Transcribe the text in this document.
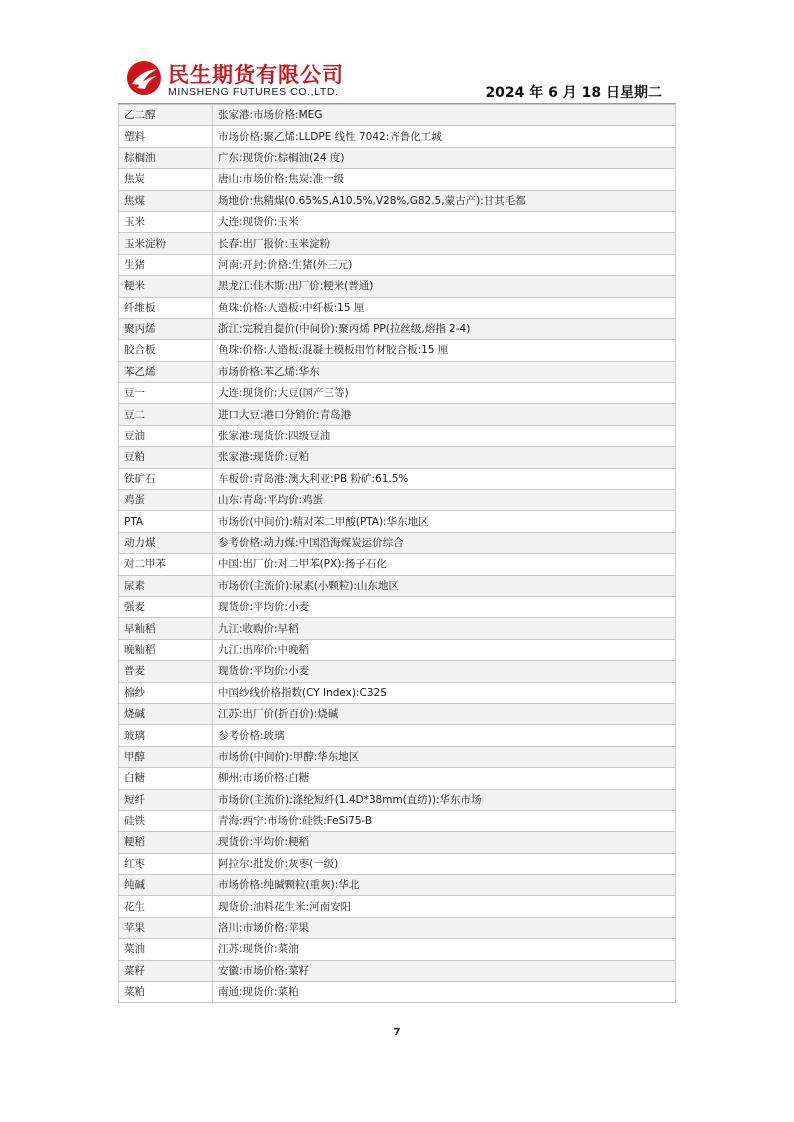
民生期货有限公司
MINSHENG FUTURES CO.,LTD.	2024 年 6 月 18 日星期二
乙二醇	张家港:市场价格:MEG
塑料	市场价格:聚乙烯:LLDPE 线性 7042:齐鲁化工城
棕榈油	广东:现货价:棕榈油(24 度)
焦炭	唐山:市场价格:焦炭:准一级
焦煤	场地价:焦精煤(0.65%S,A10.5%,V28%,G82.5,蒙古产):甘其毛都
玉米	大连:现货价:玉米
玉米淀粉	长春:出厂报价:玉米淀粉
生猪	河南:开封:价格:生猪(外三元)
粳米	黑龙江:佳木斯:出厂价:粳米(普通)
纤维板	鱼珠:价格:人造板:中纤板:15 厘
聚丙烯	浙江:完税自提价(中间价):聚丙烯 PP(拉丝级,熔指 2-4)
胶合板	鱼珠:价格:人造板:混凝土模板用竹材胶合板:15 厘
苯乙烯	市场价格:苯乙烯:华东
豆一	大连:现货价:大豆(国产三等)
豆二	进口大豆:港口分销价:青岛港
豆油	张家港:现货价:四级豆油
豆粕	张家港:现货价:豆粕
铁矿石	车板价:青岛港:澳大利亚:PB 粉矿:61.5%
鸡蛋	山东:青岛:平均价:鸡蛋
PTA	市场价(中间价):精对苯二甲酸(PTA):华东地区
动力煤	参考价格:动力煤:中国沿海煤炭运价综合
对二甲苯	中国:出厂价:对二甲苯(PX):扬子石化
尿素	市场价(主流价):尿素(小颗粒):山东地区
强麦	现货价:平均价:小麦
早籼稻	九江:收购价:早稻
晚籼稻	九江:出库价:中晚稻
普麦	现货价:平均价:小麦
棉纱	中国纱线价格指数(CY Index):C32S
烧碱	江苏:出厂价(折百价):烧碱
玻璃	参考价格:玻璃
甲醇	市场价(中间价):甲醇:华东地区
白糖	柳州:市场价格:白糖
短纤	市场价(主流价):涤纶短纤(1.4D*38mm(直纺)):华东市场
硅铁	青海:西宁:市场价:硅铁:FeSi75-B
粳稻	现货价:平均价:粳稻
红枣	阿拉尔:批发价:灰枣(一级)
纯碱	市场价格:纯碱颗粒(重灰):华北
花生	现货价:油料花生米:河南安阳
苹果	洛川:市场价格:苹果
菜油	江苏:现货价:菜油
菜籽	安徽:市场价格:菜籽
菜粕	南通:现货价:菜粕
7
